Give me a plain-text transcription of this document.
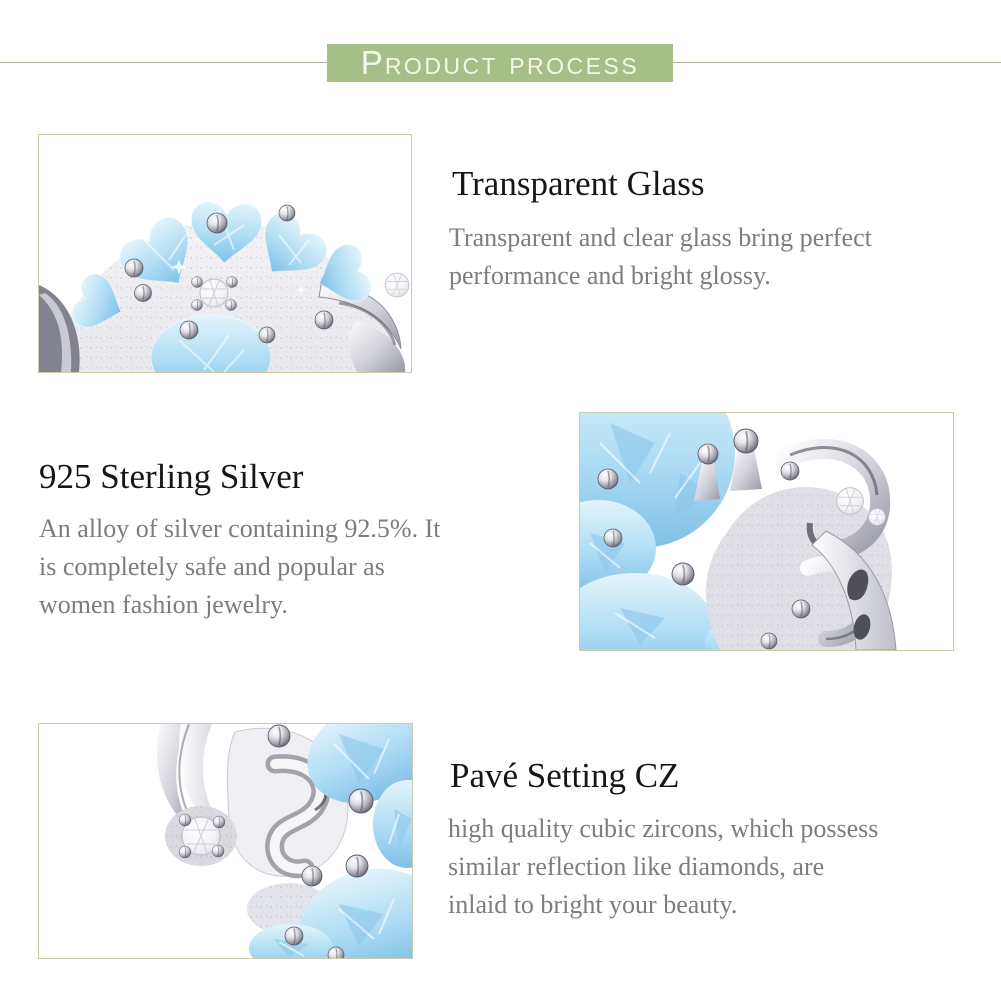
PRODUCT PROCESS
Transparent Glass
Transparent and clear glass bring perfect
performance and bright glossy.
925 Sterling Silver
An alloy of silver containing 92.5%. It
is completely safe and popular as
women fashion jewelry.
Pavé Setting CZ
high quality cubic zircons, which possess
similar reflection like diamonds, are
inlaid to bright your beauty.
